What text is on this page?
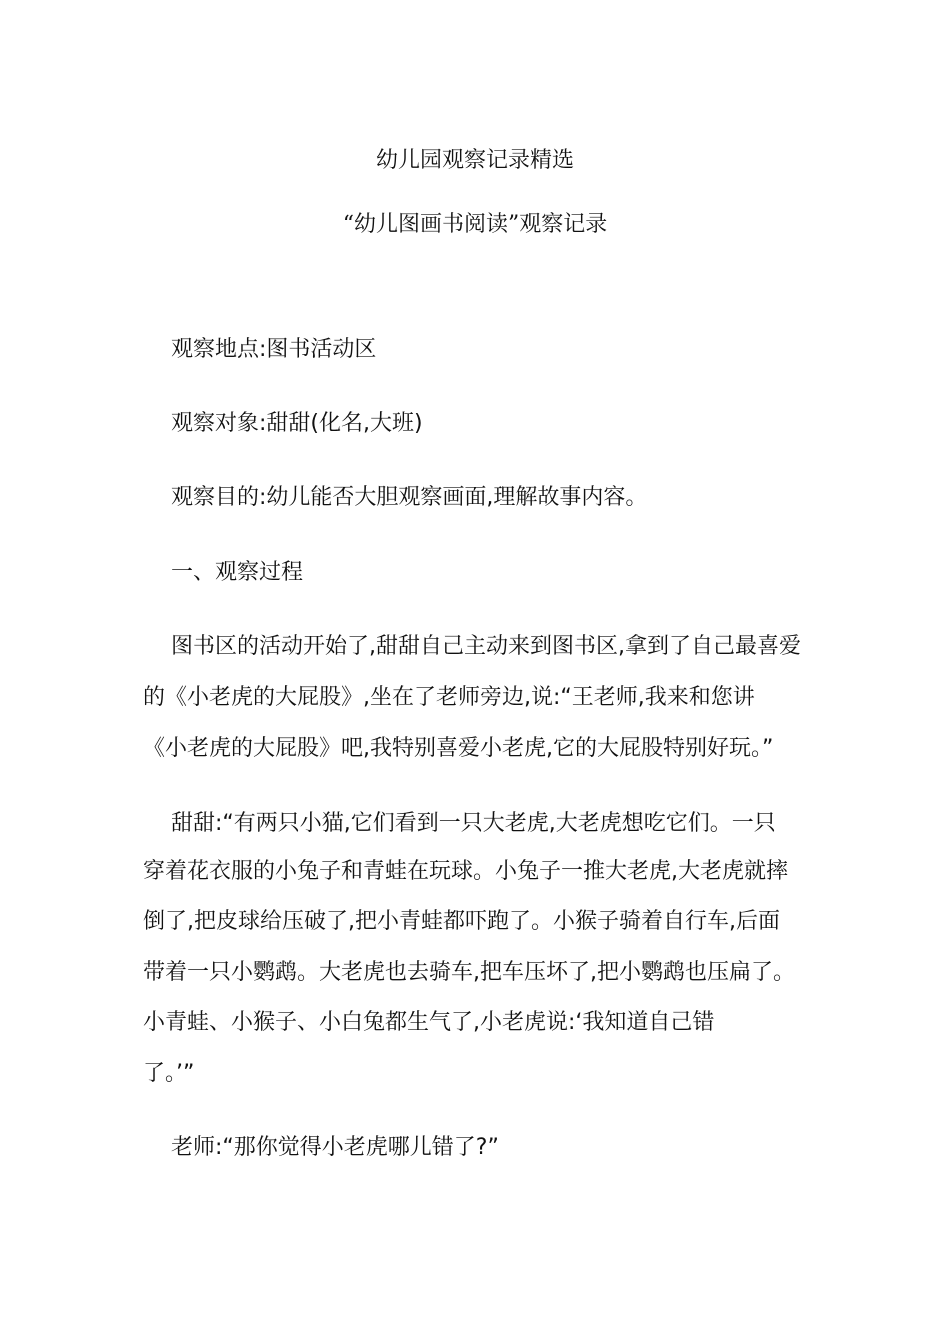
幼儿园观察记录精选
“幼儿图画书阅读”观察记录
观察地点:图书活动区
观察对象:甜甜(化名,大班)
观察目的:幼儿能否大胆观察画面,理解故事内容。
一、观察过程
图书区的活动开始了,甜甜自己主动来到图书区,拿到了自己最喜爱
的《小老虎的大屁股》,坐在了老师旁边,说:“王老师,我来和您讲
《小老虎的大屁股》吧,我特别喜爱小老虎,它的大屁股特别好玩。”
甜甜:“有两只小猫,它们看到一只大老虎,大老虎想吃它们。一只
穿着花衣服的小兔子和青蛙在玩球。小兔子一推大老虎,大老虎就摔
倒了,把皮球给压破了,把小青蛙都吓跑了。小猴子骑着自行车,后面
带着一只小鹦鹉。大老虎也去骑车,把车压坏了,把小鹦鹉也压扁了。
小青蛙、小猴子、小白兔都生气了,小老虎说:‘我知道自己错
了。’”
老师:“那你觉得小老虎哪儿错了?”
